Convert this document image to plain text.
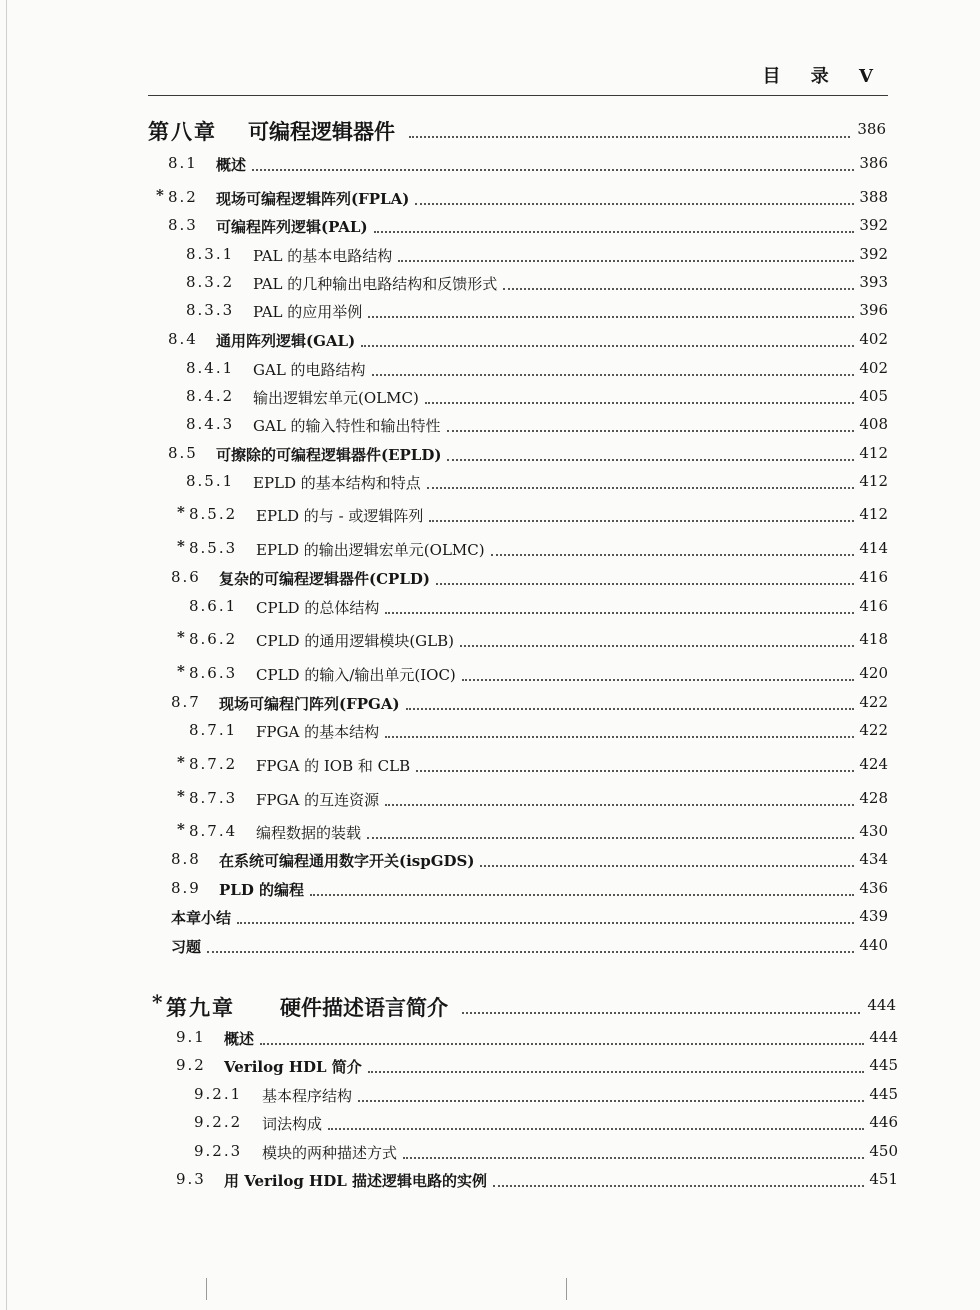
目 录 V
第八章 可编程逻辑器件	386
8.1 概述	386
* 8.2 现场可编程逻辑阵列(FPLA)	388
8.3 可编程阵列逻辑(PAL)	392
8.3.1 PAL 的基本电路结构	392
8.3.2 PAL 的几种输出电路结构和反馈形式	393
8.3.3 PAL 的应用举例	396
8.4 通用阵列逻辑(GAL)	402
8.4.1 GAL 的电路结构	402
8.4.2 输出逻辑宏单元(OLMC)	405
8.4.3 GAL 的输入特性和输出特性	408
8.5 可擦除的可编程逻辑器件(EPLD)	412
8.5.1 EPLD 的基本结构和特点	412
* 8.5.2 EPLD 的与 - 或逻辑阵列	412
* 8.5.3 EPLD 的输出逻辑宏单元(OLMC)	414
8.6 复杂的可编程逻辑器件(CPLD)	416
8.6.1 CPLD 的总体结构	416
* 8.6.2 CPLD 的通用逻辑模块(GLB)	418
* 8.6.3 CPLD 的输入/输出单元(IOC)	420
8.7 现场可编程门阵列(FPGA)	422
8.7.1 FPGA 的基本结构	422
* 8.7.2 FPGA 的 IOB 和 CLB	424
* 8.7.3 FPGA 的互连资源	428
* 8.7.4 编程数据的装载	430
8.8 在系统可编程通用数字开关(ispGDS)	434
8.9 PLD 的编程	436
本章小结	439
习题	440
* 第九章 硬件描述语言简介	444
9.1 概述	444
9.2 Verilog HDL 简介	445
9.2.1 基本程序结构	445
9.2.2 词法构成	446
9.2.3 模块的两种描述方式	450
9.3 用 Verilog HDL 描述逻辑电路的实例	451
